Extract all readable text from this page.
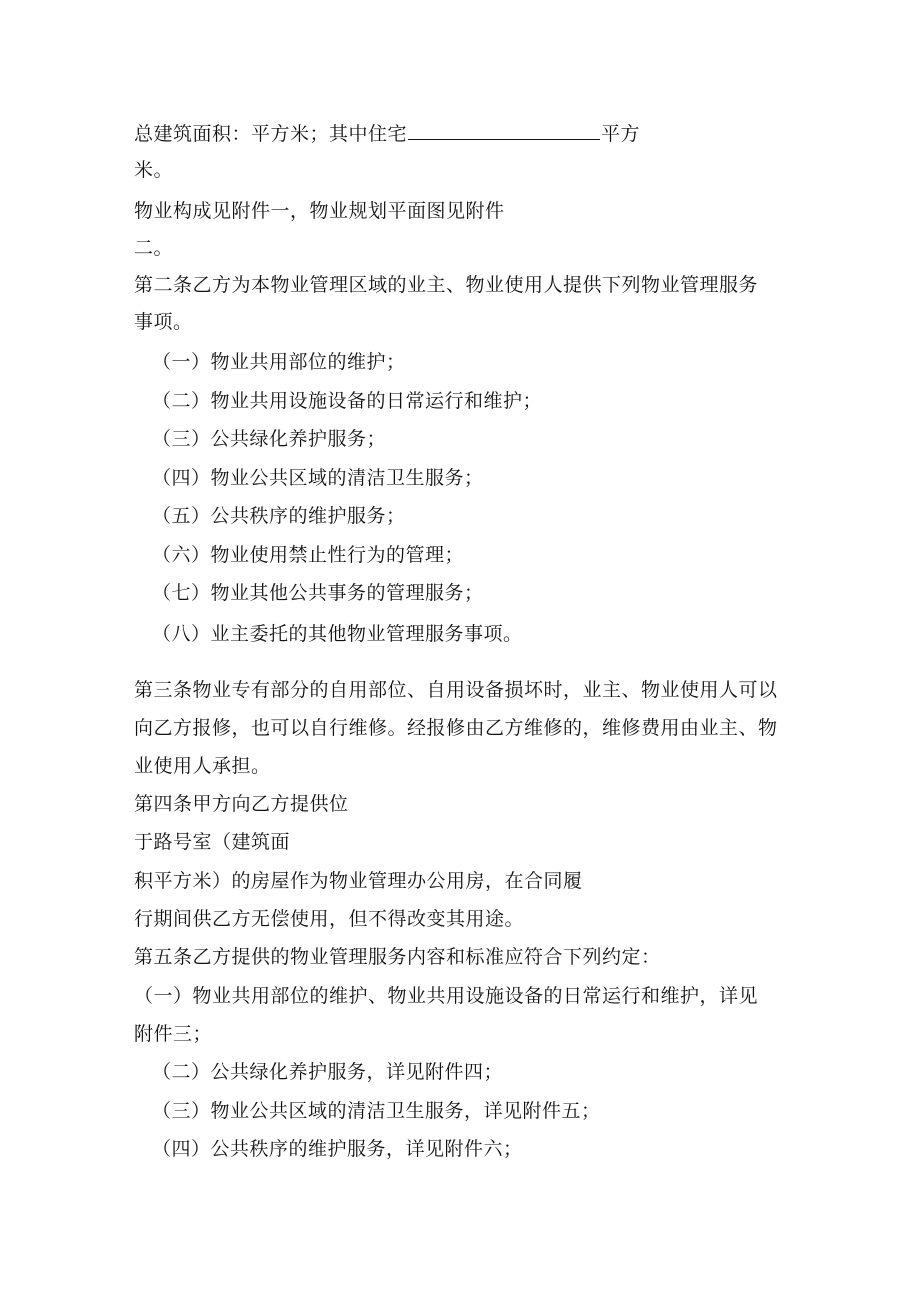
总建筑面积：平方米；其中住宅	平方
米。
物业构成见附件一，物业规划平面图见附件
二。
第二条乙方为本物业管理区域的业主、物业使用人提供下列物业管理服务
事项。
（一）物业共用部位的维护；
（二）物业共用设施设备的日常运行和维护；
（三）公共绿化养护服务；
（四）物业公共区域的清洁卫生服务；
（五）公共秩序的维护服务；
（六）物业使用禁止性行为的管理；
（七）物业其他公共事务的管理服务；
（八）业主委托的其他物业管理服务事项。
第三条物业专有部分的自用部位、自用设备损坏时，业主、物业使用人可以
向乙方报修，也可以自行维修。经报修由乙方维修的，维修费用由业主、物
业使用人承担。
第四条甲方向乙方提供位
于路号室（建筑面
积平方米）的房屋作为物业管理办公用房，在合同履
行期间供乙方无偿使用，但不得改变其用途。
第五条乙方提供的物业管理服务内容和标准应符合下列约定：
（一）物业共用部位的维护、物业共用设施设备的日常运行和维护，详见
附件三；
（二）公共绿化养护服务，详见附件四；
（三）物业公共区域的清洁卫生服务，详见附件五；
（四）公共秩序的维护服务，详见附件六；
